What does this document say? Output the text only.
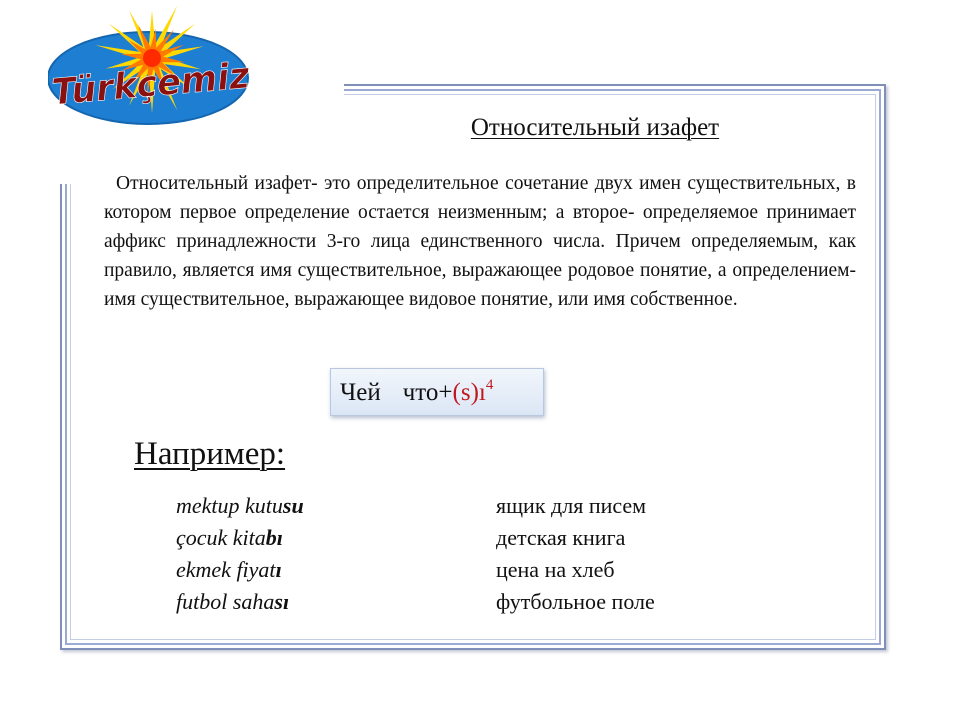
Türkçemiz
Относительный изафет

Относительный изафет- это определительное сочетание двух имен существительных, в котором первое определение остается неизменным; а второе- определяемое принимает аффикс принадлежности 3-го лица единственного числа. Причем определяемым, как правило, является имя существительное, выражающее родовое понятие, а определением- имя существительное, выражающее видовое понятие, или имя собственное.

Чей $что+(s)ı^4$
Например:
mektup kutusu	ящик для писем
çocuk kitabı	детская книга
ekmek fiyatı	цена на хлеб
futbol sahası	футбольное поле
